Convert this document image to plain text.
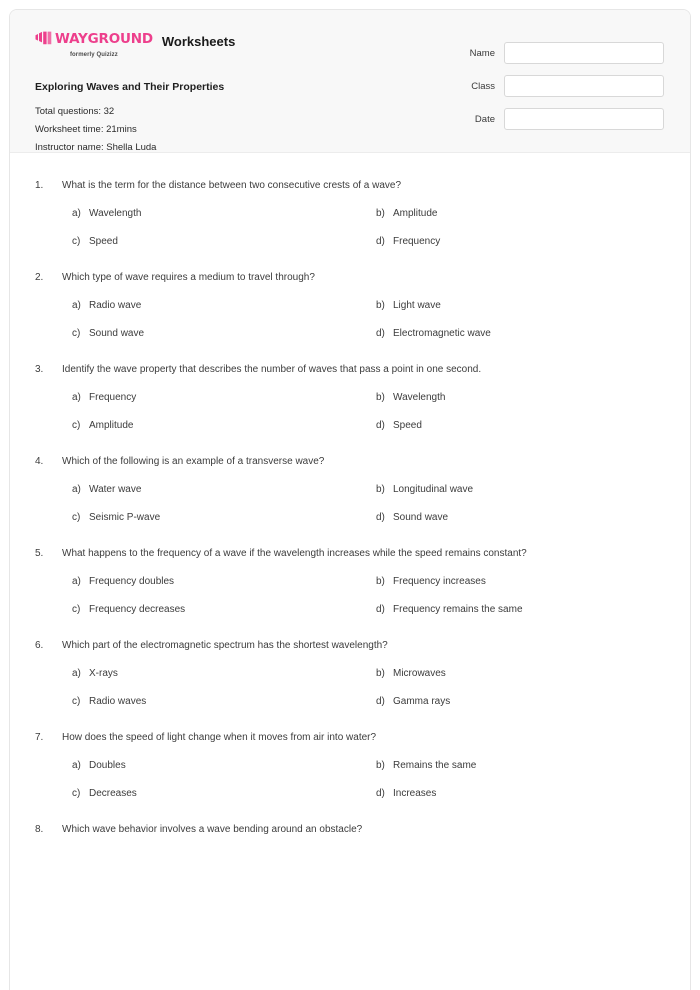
WAYGROUND
formerly Quizizz
Worksheets
Exploring Waves and Their Properties
Total questions: 32
Worksheet time: 21mins
Instructor name: Shella Luda
Name
Class
Date
1.	What is the term for the distance between two consecutive crests of a wave?
a) Wavelength	b) Amplitude
c) Speed	d) Frequency
2.	Which type of wave requires a medium to travel through?
a) Radio wave	b) Light wave
c) Sound wave	d) Electromagnetic wave
3.	Identify the wave property that describes the number of waves that pass a point in one second.
a) Frequency	b) Wavelength
c) Amplitude	d) Speed
4.	Which of the following is an example of a transverse wave?
a) Water wave	b) Longitudinal wave
c) Seismic P-wave	d) Sound wave
5.	What happens to the frequency of a wave if the wavelength increases while the speed remains constant?
a) Frequency doubles	b) Frequency increases
c) Frequency decreases	d) Frequency remains the same
6.	Which part of the electromagnetic spectrum has the shortest wavelength?
a) X-rays	b) Microwaves
c) Radio waves	d) Gamma rays
7.	How does the speed of light change when it moves from air into water?
a) Doubles	b) Remains the same
c) Decreases	d) Increases
8.	Which wave behavior involves a wave bending around an obstacle?
